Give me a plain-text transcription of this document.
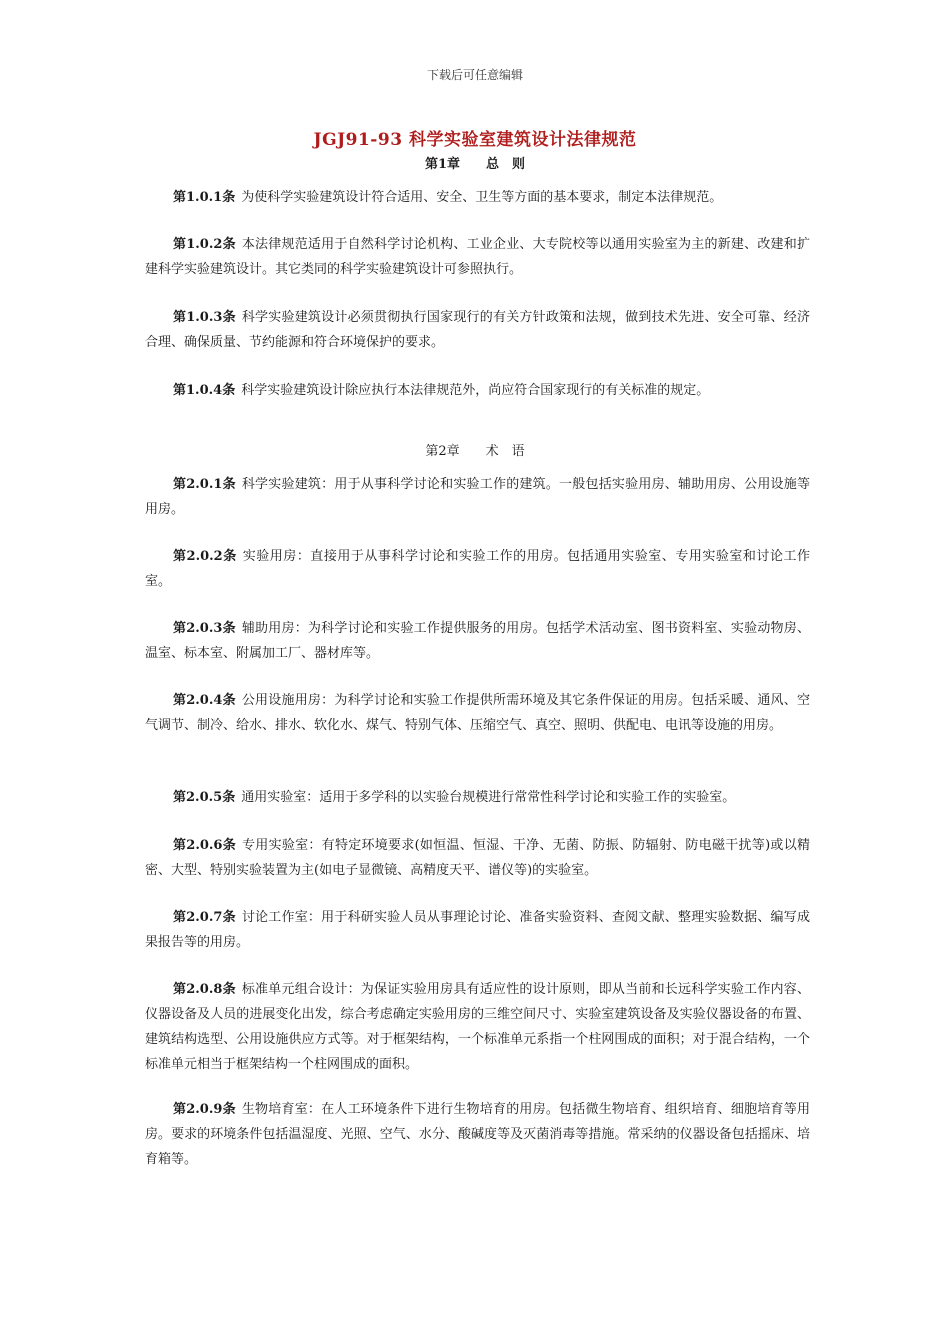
下载后可任意编辑
JGJ91-93 科学实验室建筑设计法律规范
第1章　　总　则

第1.0.1条 为使科学实验建筑设计符合适用、安全、卫生等方面的基本要求，制定本法律规范。

第1.0.2条 本法律规范适用于自然科学讨论机构、工业企业、大专院校等以通用实验室为主的新建、改建和扩建科学实验建筑设计。其它类同的科学实验建筑设计可参照执行。

第1.0.3条 科学实验建筑设计必须贯彻执行国家现行的有关方针政策和法规，做到技术先进、安全可靠、经济合理、确保质量、节约能源和符合环境保护的要求。

第1.0.4条 科学实验建筑设计除应执行本法律规范外，尚应符合国家现行的有关标准的规定。

第2章　　术　语

第2.0.1条 科学实验建筑：用于从事科学讨论和实验工作的建筑。一般包括实验用房、辅助用房、公用设施等用房。

第2.0.2条 实验用房：直接用于从事科学讨论和实验工作的用房。包括通用实验室、专用实验室和讨论工作室。

第2.0.3条 辅助用房：为科学讨论和实验工作提供服务的用房。包括学术活动室、图书资料室、实验动物房、温室、标本室、附属加工厂、器材库等。

第2.0.4条 公用设施用房：为科学讨论和实验工作提供所需环境及其它条件保证的用房。包括采暖、通风、空气调节、制冷、给水、排水、软化水、煤气、特别气体、压缩空气、真空、照明、供配电、电讯等设施的用房。

第2.0.5条 通用实验室：适用于多学科的以实验台规模进行常常性科学讨论和实验工作的实验室。

第2.0.6条 专用实验室：有特定环境要求(如恒温、恒湿、干净、无菌、防振、防辐射、防电磁干扰等)或以精密、大型、特别实验装置为主(如电子显微镜、高精度天平、谱仪等)的实验室。

第2.0.7条 讨论工作室：用于科研实验人员从事理论讨论、准备实验资料、查阅文献、整理实验数据、编写成果报告等的用房。

第2.0.8条 标准单元组合设计：为保证实验用房具有适应性的设计原则，即从当前和长远科学实验工作内容、仪器设备及人员的进展变化出发，综合考虑确定实验用房的三维空间尺寸、实验室建筑设备及实验仪器设备的布置、建筑结构选型、公用设施供应方式等。对于框架结构，一个标准单元系指一个柱网围成的面积；对于混合结构，一个标准单元相当于框架结构一个柱网围成的面积。

第2.0.9条 生物培育室：在人工环境条件下进行生物培育的用房。包括微生物培育、组织培育、细胞培育等用房。要求的环境条件包括温湿度、光照、空气、水分、酸碱度等及灭菌消毒等措施。常采纳的仪器设备包括摇床、培育箱等。
